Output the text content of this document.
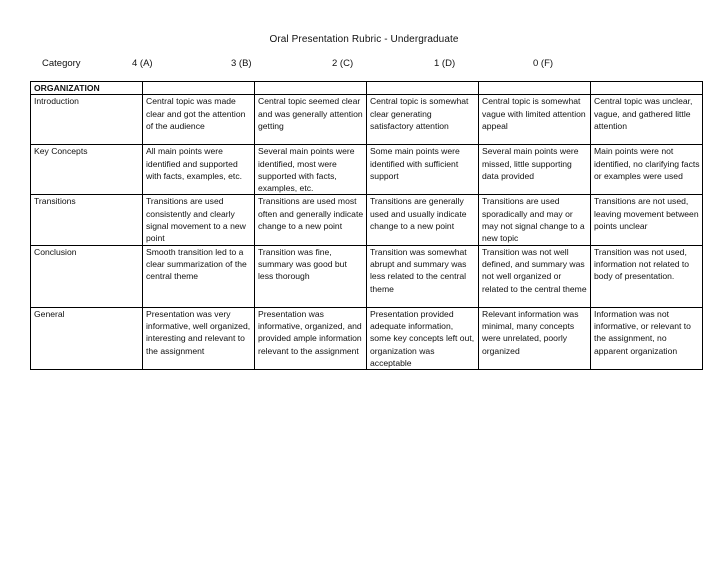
Oral Presentation Rubric - Undergraduate
Category	4 (A)	3 (B)	2 (C)	1 (D)	0 (F)
ORGANIZATION					
Introduction	Central topic was made clear and got the attention of the audience	Central topic seemed clear and was generally attention getting	Central topic is somewhat clear generating satisfactory attention	Central topic is somewhat vague with limited attention appeal	Central topic was unclear, vague, and gathered little attention
Key Concepts	All main points were identified and supported with facts, examples, etc.	Several main points were identified, most were supported with facts, examples, etc.	Some main points were identified with sufficient support	Several main points were missed, little supporting data provided	Main points were not identified, no clarifying facts or examples were used
Transitions	Transitions are used consistently and clearly signal movement to a new point	Transitions are used most often and generally indicate change to a new point	Transitions are generally used and usually indicate change to a new point	Transitions are used sporadically and may or may not signal change to a new topic	Transitions are not used, leaving movement between points unclear
Conclusion	Smooth transition led to a clear summarization of the central theme	Transition was fine, summary was good but less thorough	Transition was somewhat abrupt and summary was less related to the central theme	Transition was not well defined, and summary was not well organized or related to the central theme	Transition was not used, information not related to body of presentation.
General	Presentation was very informative, well organized, interesting and relevant to the assignment	Presentation was informative, organized, and provided ample information relevant to the assignment	Presentation provided adequate information, some key concepts left out, organization was acceptable	Relevant information was minimal, many concepts were unrelated, poorly organized	Information was not informative, or relevant to the assignment, no apparent organization
